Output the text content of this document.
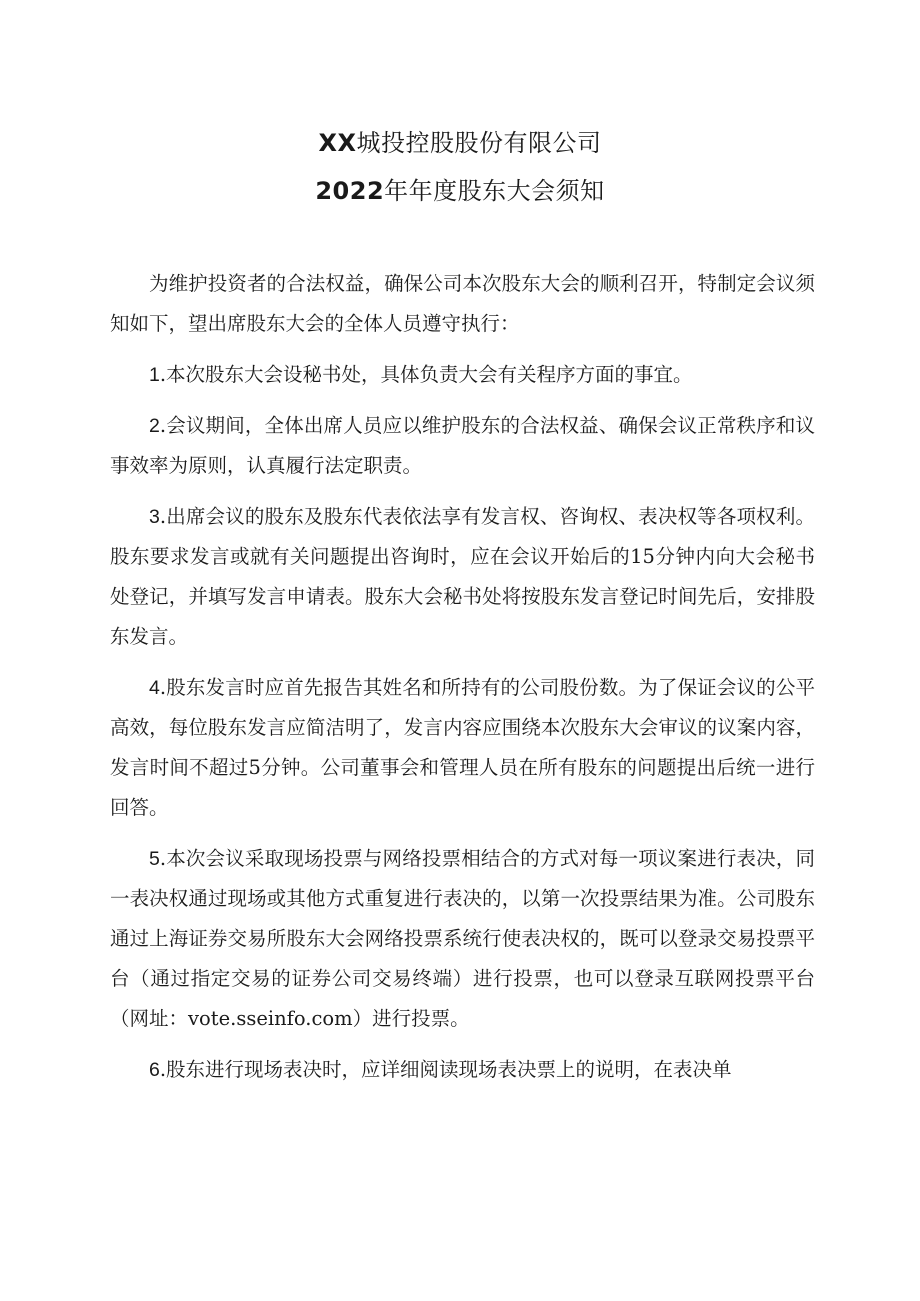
XX城投控股股份有限公司
2022年年度股东大会须知

为维护投资者的合法权益，确保公司本次股东大会的顺利召开，特制定会议须知如下，望出席股东大会的全体人员遵守执行：

1.本次股东大会设秘书处，具体负责大会有关程序方面的事宜。

2.会议期间，全体出席人员应以维护股东的合法权益、确保会议正常秩序和议事效率为原则，认真履行法定职责。

3.出席会议的股东及股东代表依法享有发言权、咨询权、表决权等各项权利。股东要求发言或就有关问题提出咨询时，应在会议开始后的15分钟内向大会秘书处登记，并填写发言申请表。股东大会秘书处将按股东发言登记时间先后，安排股东发言。

4.股东发言时应首先报告其姓名和所持有的公司股份数。为了保证会议的公平高效，每位股东发言应简洁明了，发言内容应围绕本次股东大会审议的议案内容，发言时间不超过5分钟。公司董事会和管理人员在所有股东的问题提出后统一进行回答。

5.本次会议采取现场投票与网络投票相结合的方式对每一项议案进行表决，同一表决权通过现场或其他方式重复进行表决的，以第一次投票结果为准。公司股东通过上海证券交易所股东大会网络投票系统行使表决权的，既可以登录交易投票平台（通过指定交易的证券公司交易终端）进行投票，也可以登录互联网投票平台（网址：vote.sseinfo.com）进行投票。

6.股东进行现场表决时，应详细阅读现场表决票上的说明，在表决单
